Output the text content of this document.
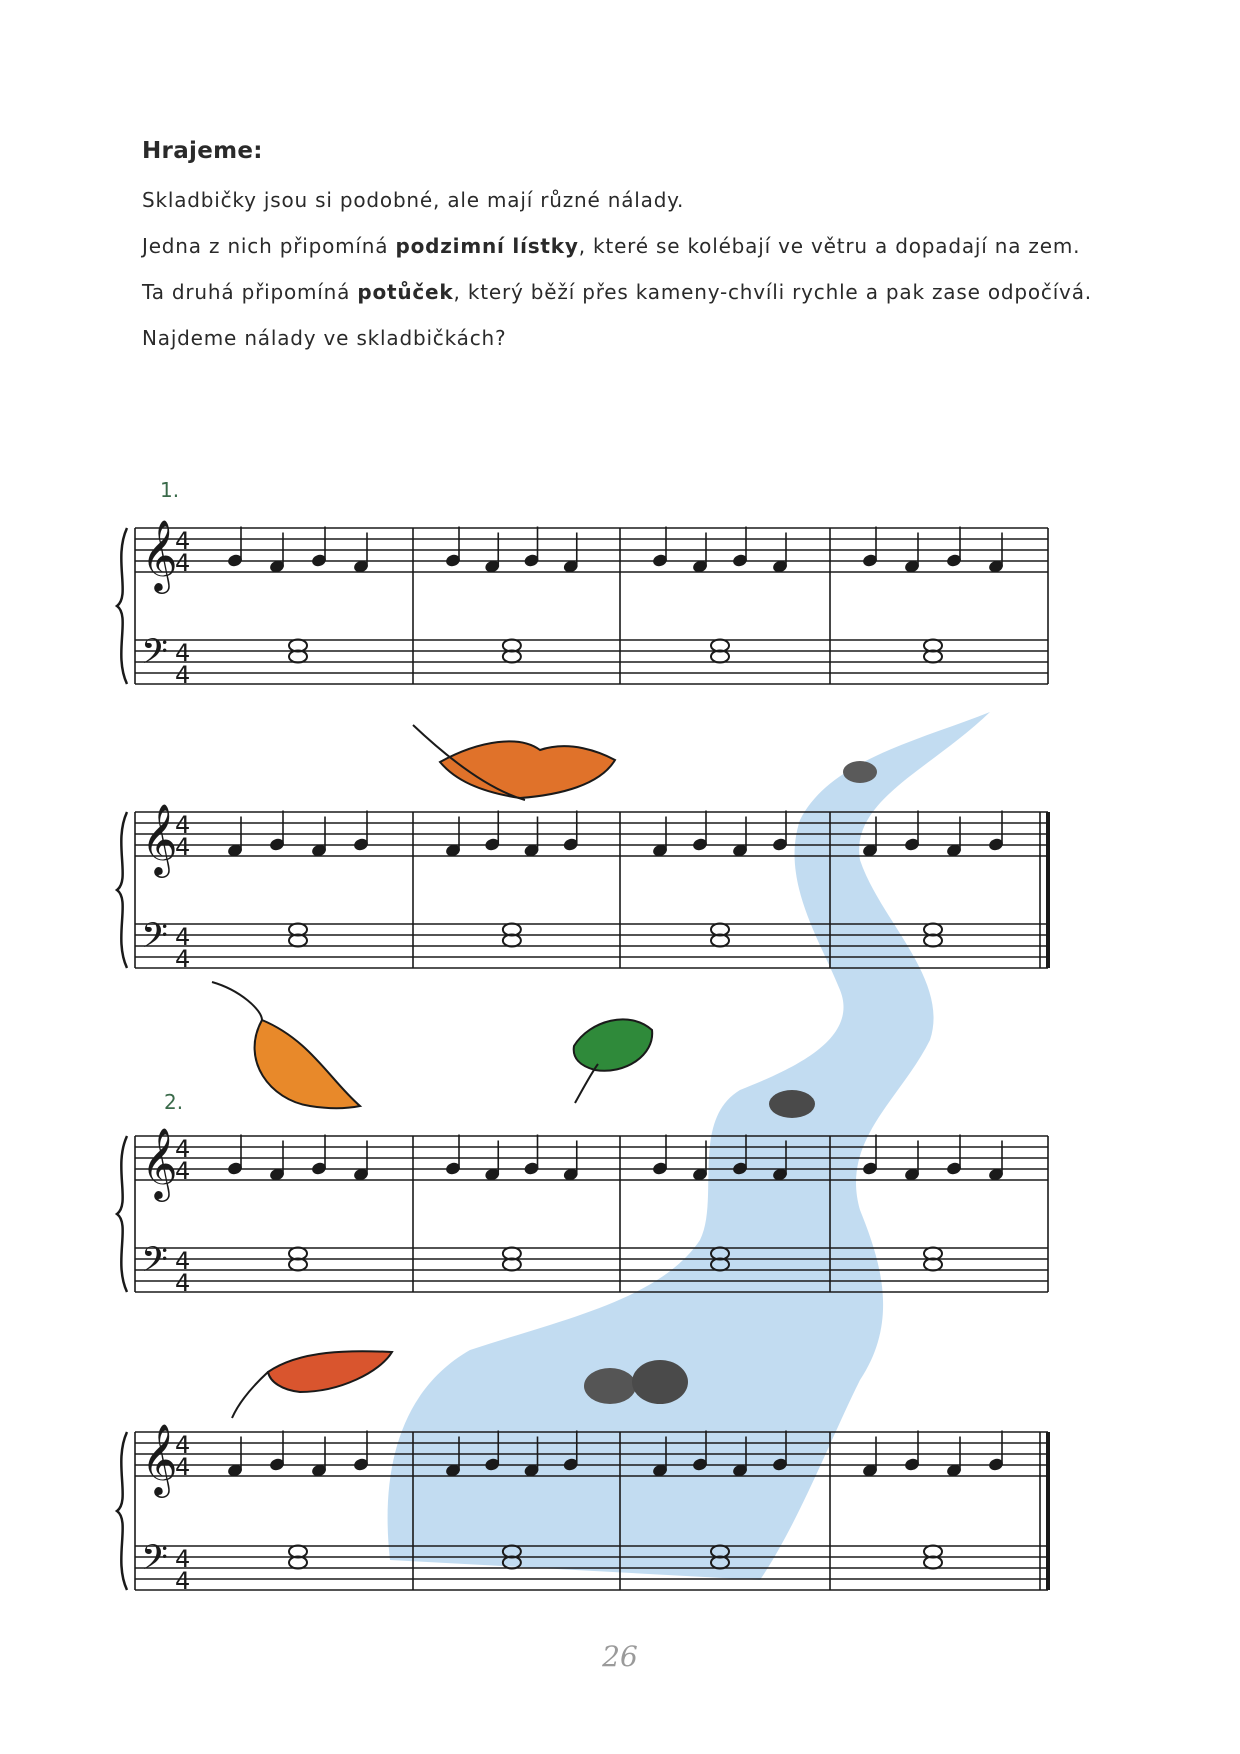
Hrajeme:

Skladbičky jsou si podobné, ale mají různé nálady.

Jedna z nich připomíná podzimní lístky, které se kolébají ve větru a dopadají na zem.

Ta druhá připomíná potůček, který běží přes kameny-chvíli rychle a pak zase odpočívá.

Najdeme nálady ve skladbičkách?

1.
2.
𝄞
4
4
𝄢 4
4
𝄞
4
4
𝄢 4
4
𝄞
4
4
𝄢 4
4
𝄞
4
4
𝄢 4
4
26
